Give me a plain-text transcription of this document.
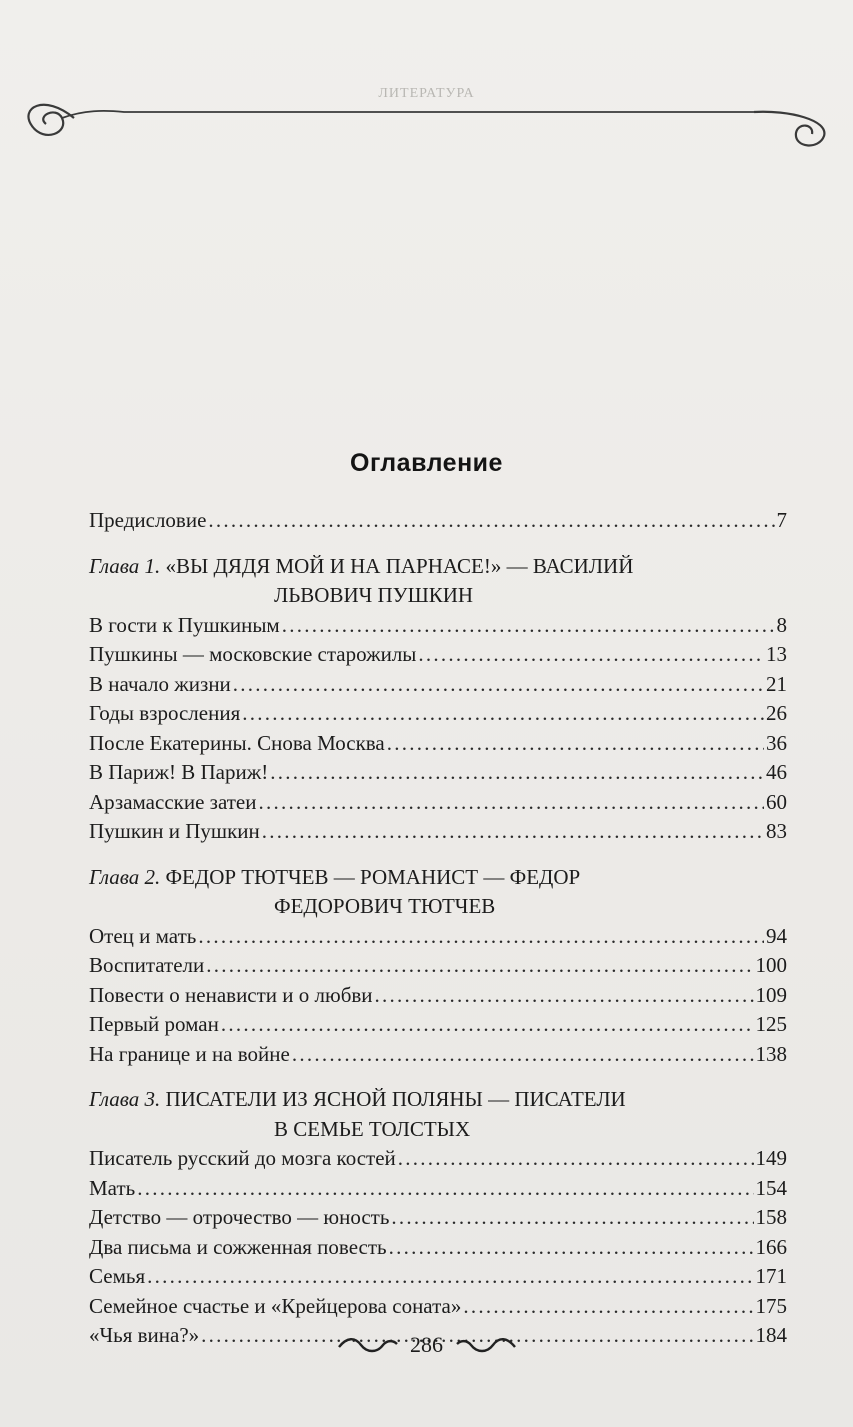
ЛИТЕРАТУРА

Оглавление
Предисловие . . .	7
Глава 1. «ВЫ ДЯДЯ МОЙ И НА ПАРНАСЕ!» — ВАСИЛИЙ
ЛЬВОВИЧ ПУШКИН
В гости к Пушкиным . . .	8
Пушкины — московские старожилы . . .	13
В начало жизни . . .	21
Годы взросления . . .	26
После Екатерины. Снова Москва . . .	36
В Париж! В Париж! . . .	46
Арзамасские затеи . . .	60
Пушкин и Пушкин . . .	83
Глава 2. ФЕДОР ТЮТЧЕВ — РОМАНИСТ — ФЕДОР
ФЕДОРОВИЧ ТЮТЧЕВ
Отец и мать . . .	94
Воспитатели . . .	100
Повести о ненависти и о любви . . .	109
Первый роман . . .	125
На границе и на войне . . .	138
Глава 3. ПИСАТЕЛИ ИЗ ЯСНОЙ ПОЛЯНЫ — ПИСАТЕЛИ
В СЕМЬЕ ТОЛСТЫХ
Писатель русский до мозга костей . . .	149
Мать . . .	154
Детство — отрочество — юность . . .	158
Два письма и сожженная повесть . . .	166
Семья . . .	171
Семейное счастье и «Крейцерова соната» . . .	175
«Чья вина?» . . .	184
286
